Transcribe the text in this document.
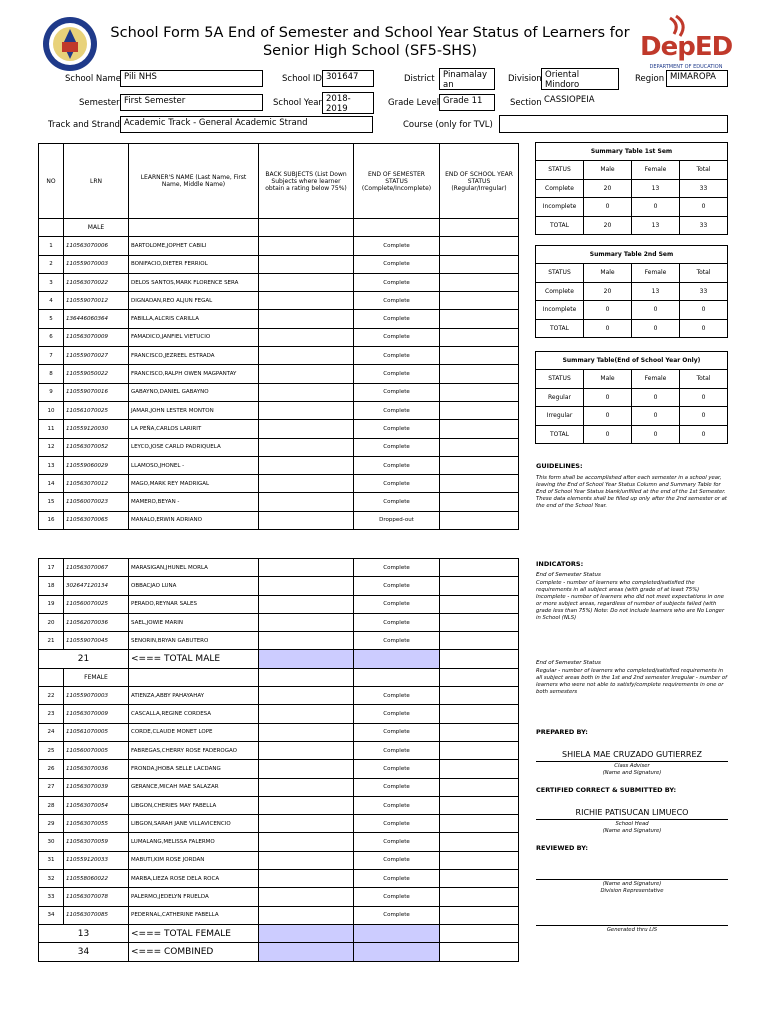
School Form 5A End of Semester and School Year Status of Learners for
Senior High School (SF5-SHS)	DepED
DEPARTMENT OF EDUCATION
School Name Pili NHS	School ID 301647	District Pinamalay an
Division Oriental Mindoro
Region MIMAROPA
Semester First Semester	School Year 2018-2019
Grade Level Grade 11	Section CASSIOPEIA
Track and Strand Academic Track - General Academic Strand	Course (only for TVL)
NO	LRN	LEARNER'S NAME (Last Name, First Name, Middle Name)	BACK SUBJECTS (List Down Subjects where learner obtain a rating below 75%)	END OF SEMESTER STATUS (Complete/Incomplete)	END OF SCHOOL YEAR STATUS (Regular/Irregular)
	MALE				
1	110563070006	BARTOLOME,JOPHET CABILI		Complete	
2	110559070003	BONIFACIO,DIETER FERRIOL		Complete	
3	110563070022	DELOS SANTOS,MARK FLORENCE SERA		Complete	
4	110559070012	DIGNADAN,REO ALJUN FEGAL		Complete	
5	136446060364	FABILLA,ALCRIS CARILLA		Complete	
6	110563070009	FAMADICO,JANFIEL VIETUCIO		Complete	
7	110559070027	FRANCISCO,JEZREEL ESTRADA		Complete	
8	110559050022	FRANCISCO,RALPH OWEN MAGPANTAY		Complete	
9	110559070016	GABAYNO,DANIEL GABAYNO		Complete	
10	110561070025	JAMAR,JOHN LESTER MONTON		Complete	
11	110559120030	LA PEÑA,CARLOS LARIRIT		Complete	
12	110563070052	LEYCO,JOSE CARLO PADRIQUELA		Complete	
13	110559060029	LLAMOSO,JHONEL -		Complete	
14	110563070012	MAGO,MARK REY MADRIGAL		Complete	
15	110560070023	MAMERO,BEYAN -		Complete	
16	110563070065	MANALO,ERWIN ADRIANO		Dropped-out	
17	110563070067	MARASIGAN,JHUNEL MORLA		Complete	
18	302647120134	OBBACJAO LUNA		Complete	
19	110560070025	PERADO,REYNAR SALES		Complete	
20	110562070036	SAEL,JOWIE MARIN		Complete	
21	110559070045	SENORIN,BRYAN GABUTERO		Complete	
21		<=== TOTAL MALE			
	FEMALE				
22	110559070003	ATIENZA,ABBY PAHAYAHAY		Complete	
23	110563070009	CASCALLA,REGINE CORDESA		Complete	
24	110561070005	CORDE,CLAUDE MONET LOPE		Complete	
25	110560070005	FABREGAS,CHERRY ROSE FADEROGAO		Complete	
26	110563070036	FRONDA,JHOBA SELLE LACDANG		Complete	
27	110563070039	GERANCE,MICAH MAE SALAZAR		Complete	
28	110563070054	LIBGON,CHERIES MAY FABELLA		Complete	
29	110563070055	LIBGON,SARAH JANE VILLAVICENCIO		Complete	
30	110563070059	LUMALANG,MELISSA FALERMO		Complete	
31	110559120033	MABUTI,KIM ROSE JORDAN		Complete	
32	110558060022	MARBA,LIEZA ROSE DELA ROCA		Complete	
33	110563070078	PALERMO,JEDELYN FRUELDA		Complete	
34	110563070085	PEDERNAL,CATHERINE FABELLA		Complete	
13		<=== TOTAL FEMALE			
34		<=== COMBINED			
Summary Table 1st Sem			
STATUS	Male	Female	Total
Complete	20	13	33
Incomplete	0	0	0
TOTAL	20	13	33
Summary Table 2nd Sem			
STATUS	Male	Female	Total
Complete	20	13	33
Incomplete	0	0	0
TOTAL	0	0	0
Summary Table(End of School Year Only)			
STATUS	Male	Female	Total
Regular	0	0	0
Irregular	0	0	0
TOTAL	0	0	0
GUIDELINES:
This form shall be accomplished after each semester in a school year, leaving the End of School Year Status Column and Summary Table for End of School Year Status blank/unfilled at the end of the 1st Semester. These data elements shall be filled up only after the 2nd semester or at the end of the School Year.
INDICATORS:
End of Semester Status
Complete - number of learners who completed/satisfied the requirements in all subject areas (with grade of at least 75%) Incomplete - number of learners who did not meet expectations in one or more subject areas, regardless of number of subjects failed (with grade less than 75%) Note: Do not include learners who are No Longer in School (NLS)
End of Semester Status
Regular - number of learners who completed/satisfied requirements in all subject areas both in the 1st and 2nd semester Irregular - number of learners who were not able to satisfy/complete requirements in one or both semesters
PREPARED BY:
SHIELA MAE CRUZADO GUTIERREZ
Class Adviser
(Name and Signature)
CERTIFIED CORRECT & SUBMITTED BY:
RICHIE PATISUCAN LIMUECO
School Head
(Name and Signature)
REVIEWED BY:
(Name and Signature)
Division Representative
Generated thru LIS
